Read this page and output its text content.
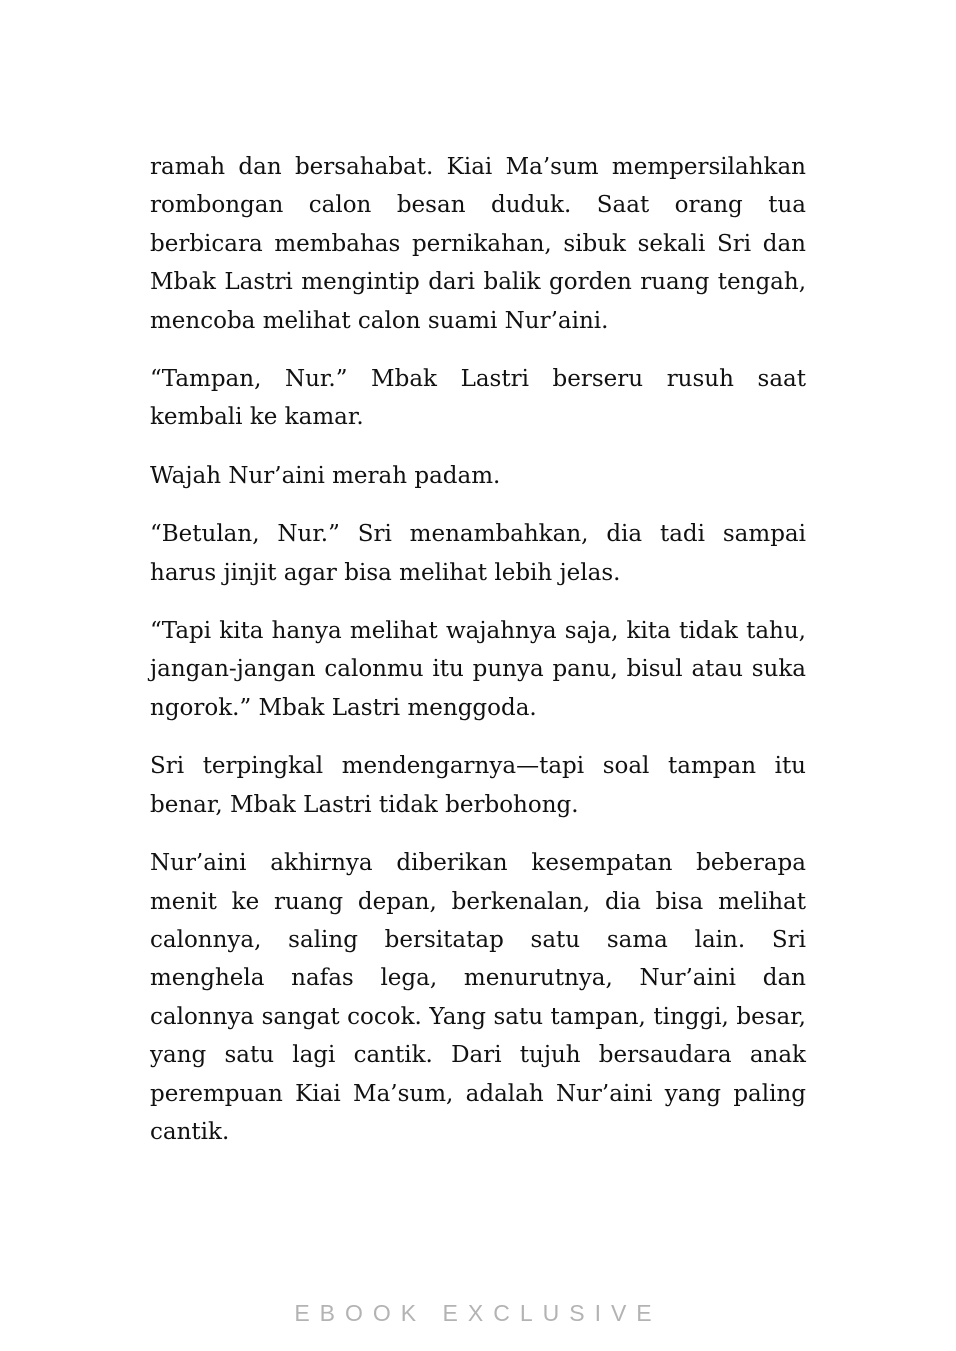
ramah dan bersahabat. Kiai Ma’sum mempersilahkan rombongan calon besan duduk. Saat orang tua berbicara membahas pernikahan, sibuk sekali Sri dan Mbak Lastri mengintip dari balik gorden ruang tengah, mencoba melihat calon suami Nur’aini.

“Tampan, Nur.” Mbak Lastri berseru rusuh saat kembali ke kamar.

Wajah Nur’aini merah padam.

“Betulan, Nur.” Sri menambahkan, dia tadi sampai harus jinjit agar bisa melihat lebih jelas.

“Tapi kita hanya melihat wajahnya saja, kita tidak tahu, jangan-jangan calonmu itu punya panu, bisul atau suka ngorok.” Mbak Lastri menggoda.

Sri terpingkal mendengarnya—tapi soal tampan itu benar, Mbak Lastri tidak berbohong.

Nur’aini akhirnya diberikan kesempatan beberapa menit ke ruang depan, berkenalan, dia bisa melihat calonnya, saling bersitatap satu sama lain. Sri menghela nafas lega, menurutnya, Nur’aini dan calonnya sangat cocok. Yang satu tampan, tinggi, besar, yang satu lagi cantik. Dari tujuh bersaudara anak perempuan Kiai Ma’sum, adalah Nur’aini yang paling cantik.

EBOOK EXCLUSIVE
